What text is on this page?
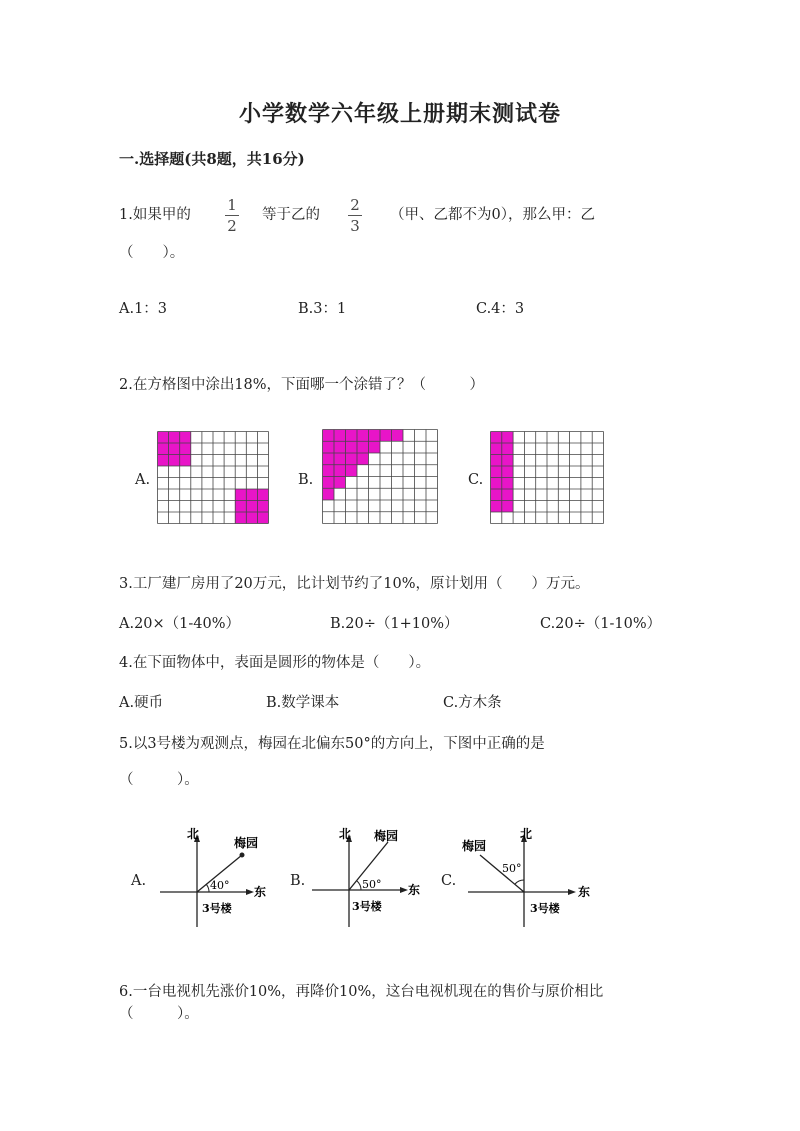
小学数学六年级上册期末测试卷
一.选择题(共8题，共16分)
1.如果甲的
1
2
等于乙的
2
3
（甲、乙都不为0），那么甲：乙
（　　）。
A.1：3	B.3：1	C.4：3
2.在方格图中涂出18%，下面哪一个涂错了？（　　　）
A.	B.	C.
3.工厂建厂房用了20万元，比计划节约了10%，原计划用（　　）万元。
A.20×（1-40%）	B.20÷（1+10%）	C.20÷（1-10%）
4.在下面物体中，表面是圆形的物体是（　　）。
A.硬币	B.数学课本	C.方木条
5.以3号楼为观测点，梅园在北偏东50°的方向上，下图中正确的是
（　　　）。
A.
北
梅园
东
40°
3号楼
B.
北 梅园
东
50°
3号楼
C.
北
梅园
东
50°
3号楼
6.一台电视机先涨价10%，再降价10%，这台电视机现在的售价与原价相比
（　　　）。
